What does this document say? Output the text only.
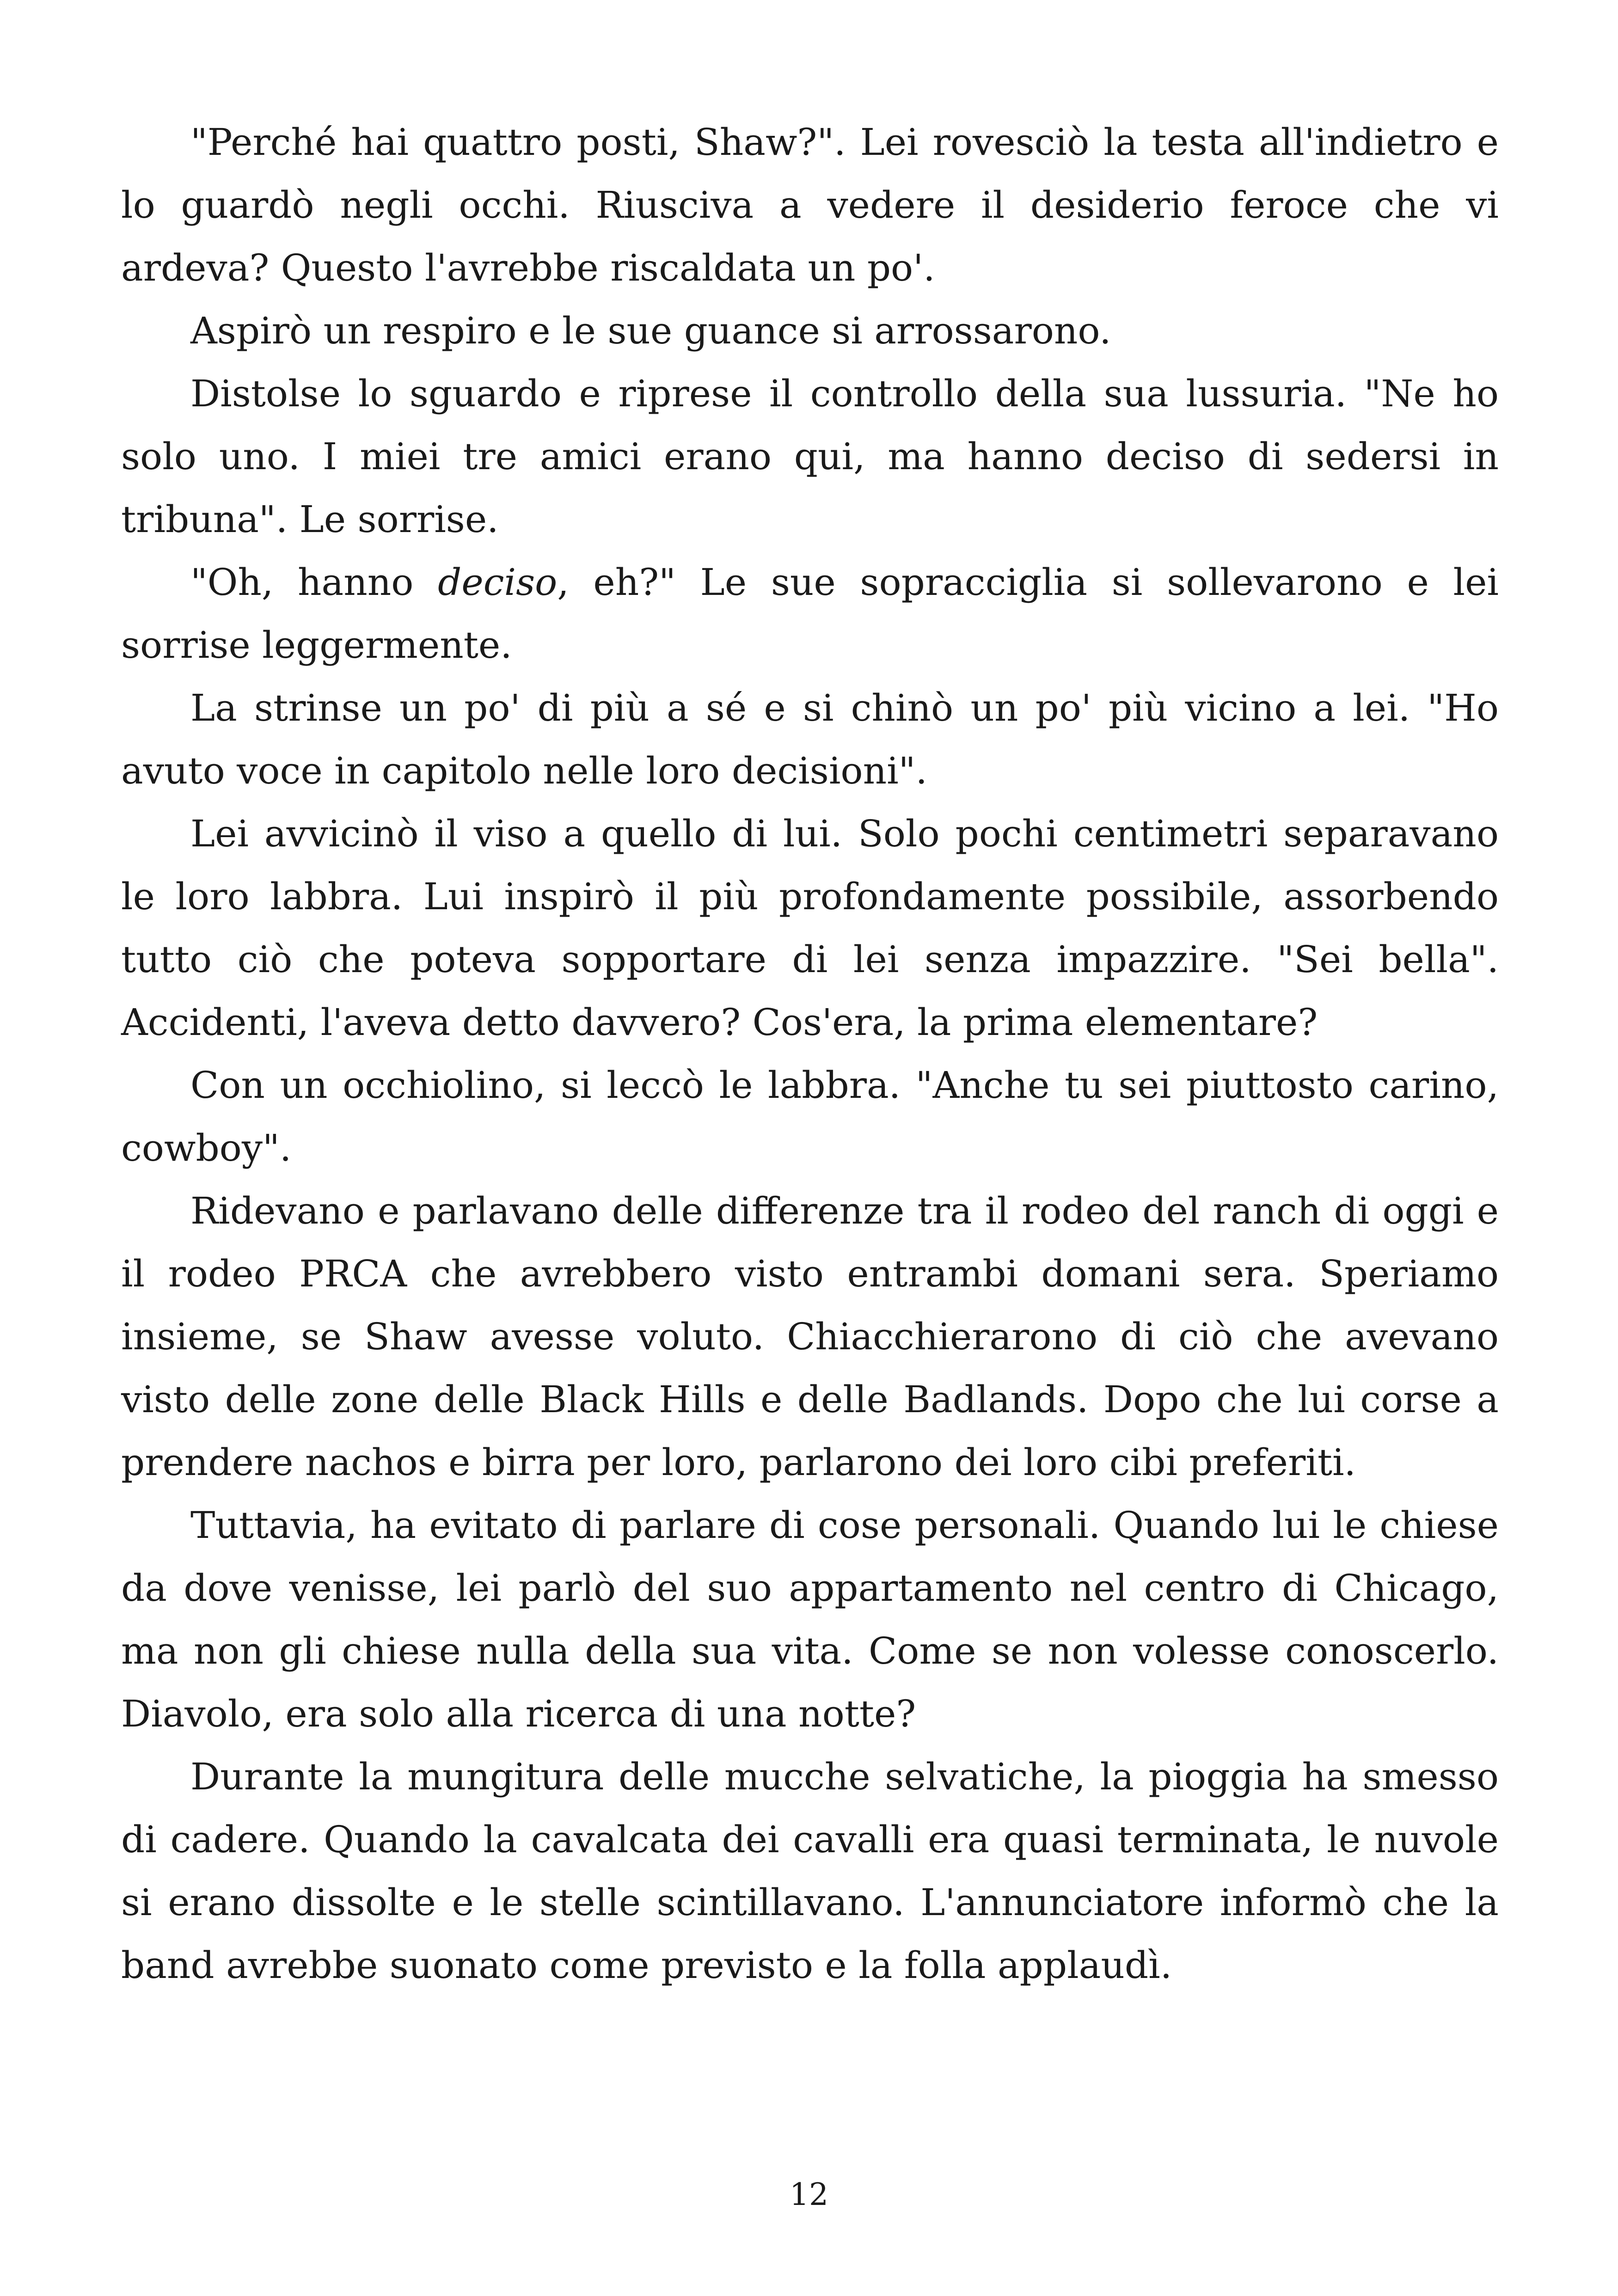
"Perché hai quattro posti, Shaw?". Lei rovesciò la testa all'indietro e lo guardò negli occhi. Riusciva a vedere il desiderio feroce che vi ardeva? Questo l'avrebbe riscaldata un po'.

Aspirò un respiro e le sue guance si arrossarono.

Distolse lo sguardo e riprese il controllo della sua lussuria. "Ne ho solo uno. I miei tre amici erano qui, ma hanno deciso di sedersi in tribuna". Le sorrise.

"Oh, hanno deciso, eh?" Le sue sopracciglia si sollevarono e lei sorrise leggermente.

La strinse un po' di più a sé e si chinò un po' più vicino a lei. "Ho avuto voce in capitolo nelle loro decisioni".

Lei avvicinò il viso a quello di lui. Solo pochi centimetri separavano le loro labbra. Lui inspirò il più profondamente possibile, assorbendo tutto ciò che poteva sopportare di lei senza impazzire. "Sei bella". Accidenti, l'aveva detto davvero? Cos'era, la prima elementare?

Con un occhiolino, si leccò le labbra. "Anche tu sei piuttosto carino, cowboy".

Ridevano e parlavano delle differenze tra il rodeo del ranch di oggi e il rodeo PRCA che avrebbero visto entrambi domani sera. Speriamo insieme, se Shaw avesse voluto. Chiacchierarono di ciò che avevano visto delle zone delle Black Hills e delle Badlands. Dopo che lui corse a prendere nachos e birra per loro, parlarono dei loro cibi preferiti.

Tuttavia, ha evitato di parlare di cose personali. Quando lui le chiese da dove venisse, lei parlò del suo appartamento nel centro di Chicago, ma non gli chiese nulla della sua vita. Come se non volesse conoscerlo. Diavolo, era solo alla ricerca di una notte?

Durante la mungitura delle mucche selvatiche, la pioggia ha smesso di cadere. Quando la cavalcata dei cavalli era quasi terminata, le nuvole si erano dissolte e le stelle scintillavano. L'annunciatore informò che la band avrebbe suonato come previsto e la folla applaudì.

12
